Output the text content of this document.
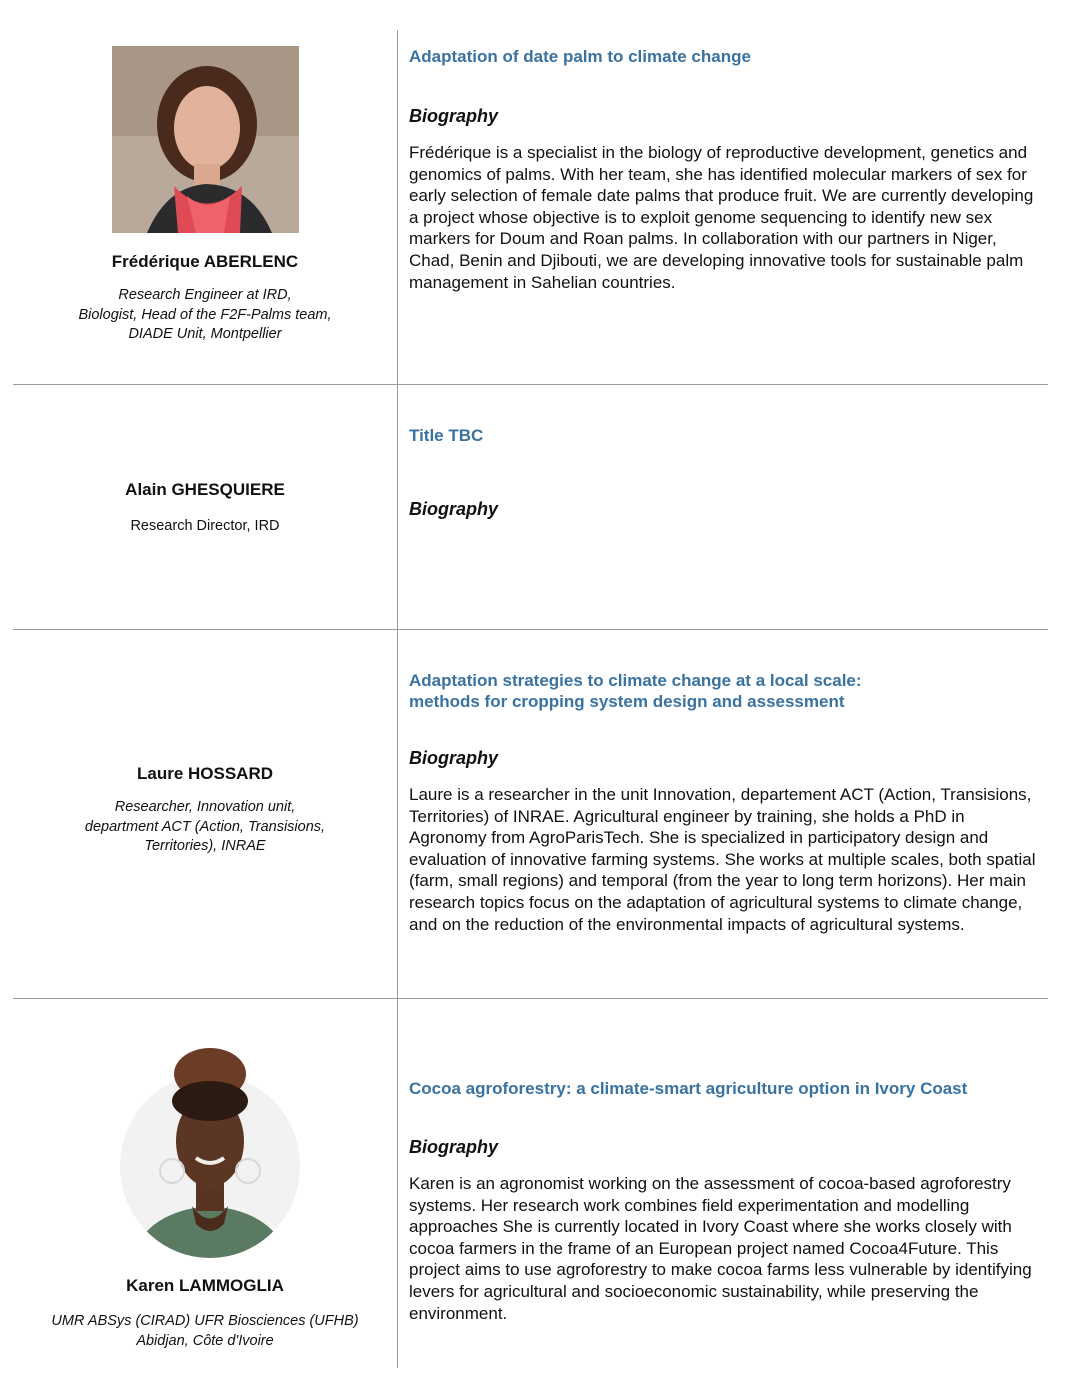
Frédérique ABERLENC
Research Engineer at IRD,
Biologist, Head of the F2F-Palms team,
DIADE Unit, Montpellier
Adaptation of date palm to climate change
Biography
Frédérique is a specialist in the biology of reproductive development, genetics and genomics of palms. With her team, she has identified molecular markers of sex for early selection of female date palms that produce fruit. We are currently developing a project whose objective is to exploit genome sequencing to identify new sex markers for Doum and Roan palms. In collaboration with our partners in Niger, Chad, Benin and Djibouti, we are developing innovative tools for sustainable palm management in Sahelian countries.
Alain GHESQUIERE
Research Director, IRD
Title TBC
Biography
Laure HOSSARD
Researcher, Innovation unit,
department ACT (Action, Transisions,
Territories), INRAE
Adaptation strategies to climate change at a local scale:
methods for cropping system design and assessment
Biography
Laure is a researcher in the unit Innovation, departement ACT (Action, Transisions, Territories) of INRAE. Agricultural engineer by training, she holds a PhD in Agronomy from AgroParisTech. She is specialized in participatory design and evaluation of innovative farming systems. She works at multiple scales, both spatial (farm, small regions) and temporal (from the year to long term horizons). Her main research topics focus on the adaptation of agricultural systems to climate change, and on the reduction of the environmental impacts of agricultural systems.
Karen LAMMOGLIA
UMR ABSys (CIRAD) UFR Biosciences (UFHB)
Abidjan, Côte d'Ivoire
Cocoa agroforestry: a climate-smart agriculture option in Ivory Coast
Biography
Karen is an agronomist working on the assessment of cocoa-based agroforestry systems. Her research work combines field experimentation and modelling approaches She is currently located in Ivory Coast where she works closely with cocoa farmers in the frame of an European project named Cocoa4Future. This project aims to use agroforestry to make cocoa farms less vulnerable by identifying levers for agricultural and socioeconomic sustainability, while preserving the environment.
